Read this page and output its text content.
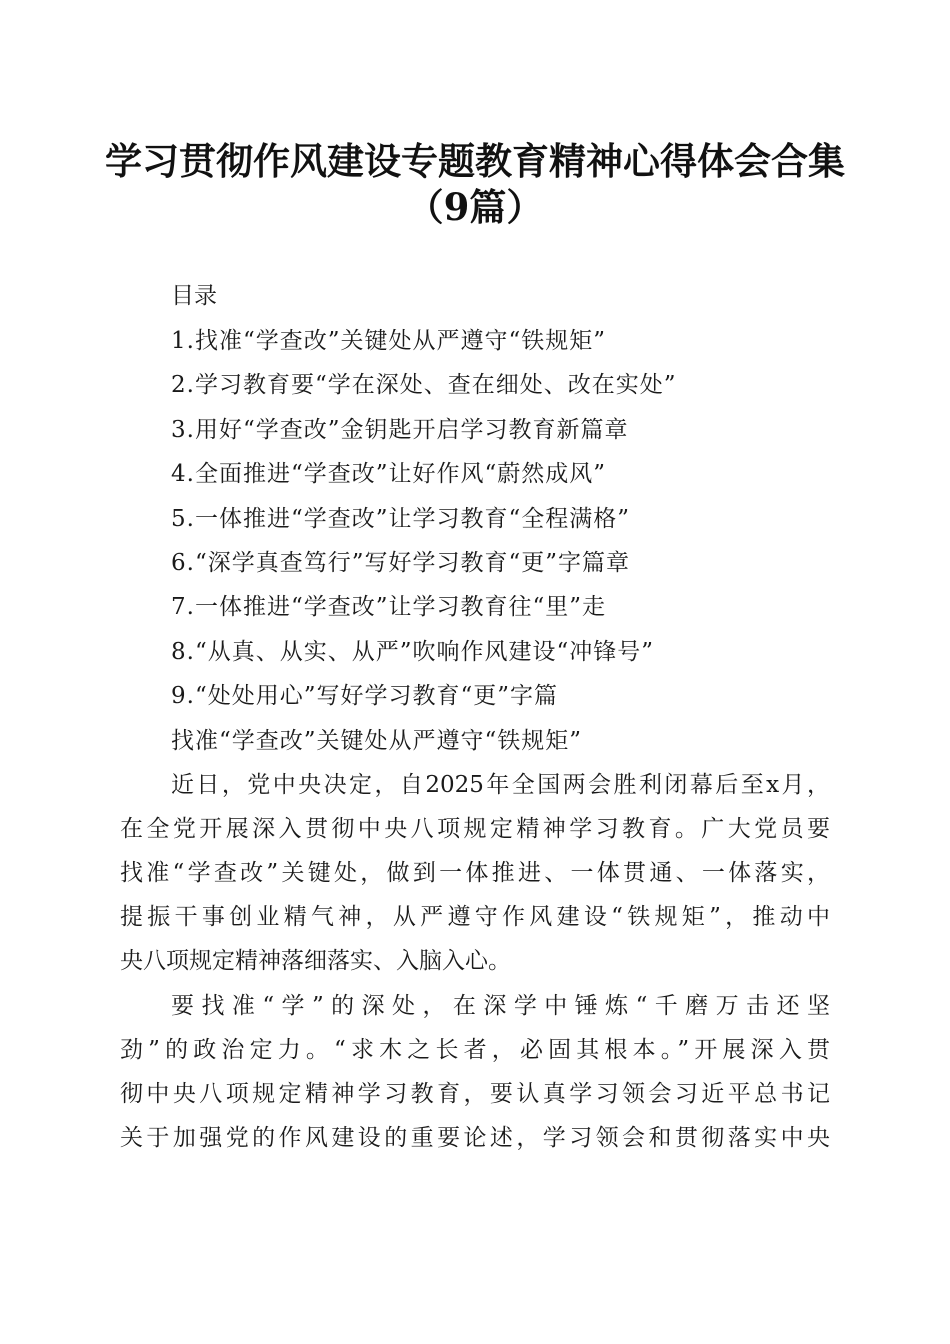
学习贯彻作风建设专题教育精神心得体会合集
（9篇）
目录
1.找准“学查改”关键处从严遵守“铁规矩”
2.学习教育要“学在深处、查在细处、改在实处”
3.用好“学查改”金钥匙开启学习教育新篇章
4.全面推进“学查改”让好作风“蔚然成风”
5.一体推进“学查改”让学习教育“全程满格”
6.“深学真查笃行”写好学习教育“更”字篇章
7.一体推进“学查改”让学习教育往“里”走
8.“从真、从实、从严”吹响作风建设“冲锋号”
9.“处处用心”写好学习教育“更”字篇
找准“学查改”关键处从严遵守“铁规矩”
近日，党中央决定，自2025年全国两会胜利闭幕后至x月，
在全党开展深入贯彻中央八项规定精神学习教育。广大党员要
找准“学查改”关键处，做到一体推进、一体贯通、一体落实，
提振干事创业精气神，从严遵守作风建设“铁规矩”，推动中
央八项规定精神落细落实、入脑入心。
要找准“学”的深处，在深学中锤炼“千磨万击还坚
劲”的政治定力。“求木之长者，必固其根本。”开展深入贯
彻中央八项规定精神学习教育，要认真学习领会习近平总书记
关于加强党的作风建设的重要论述，学习领会和贯彻落实中央
